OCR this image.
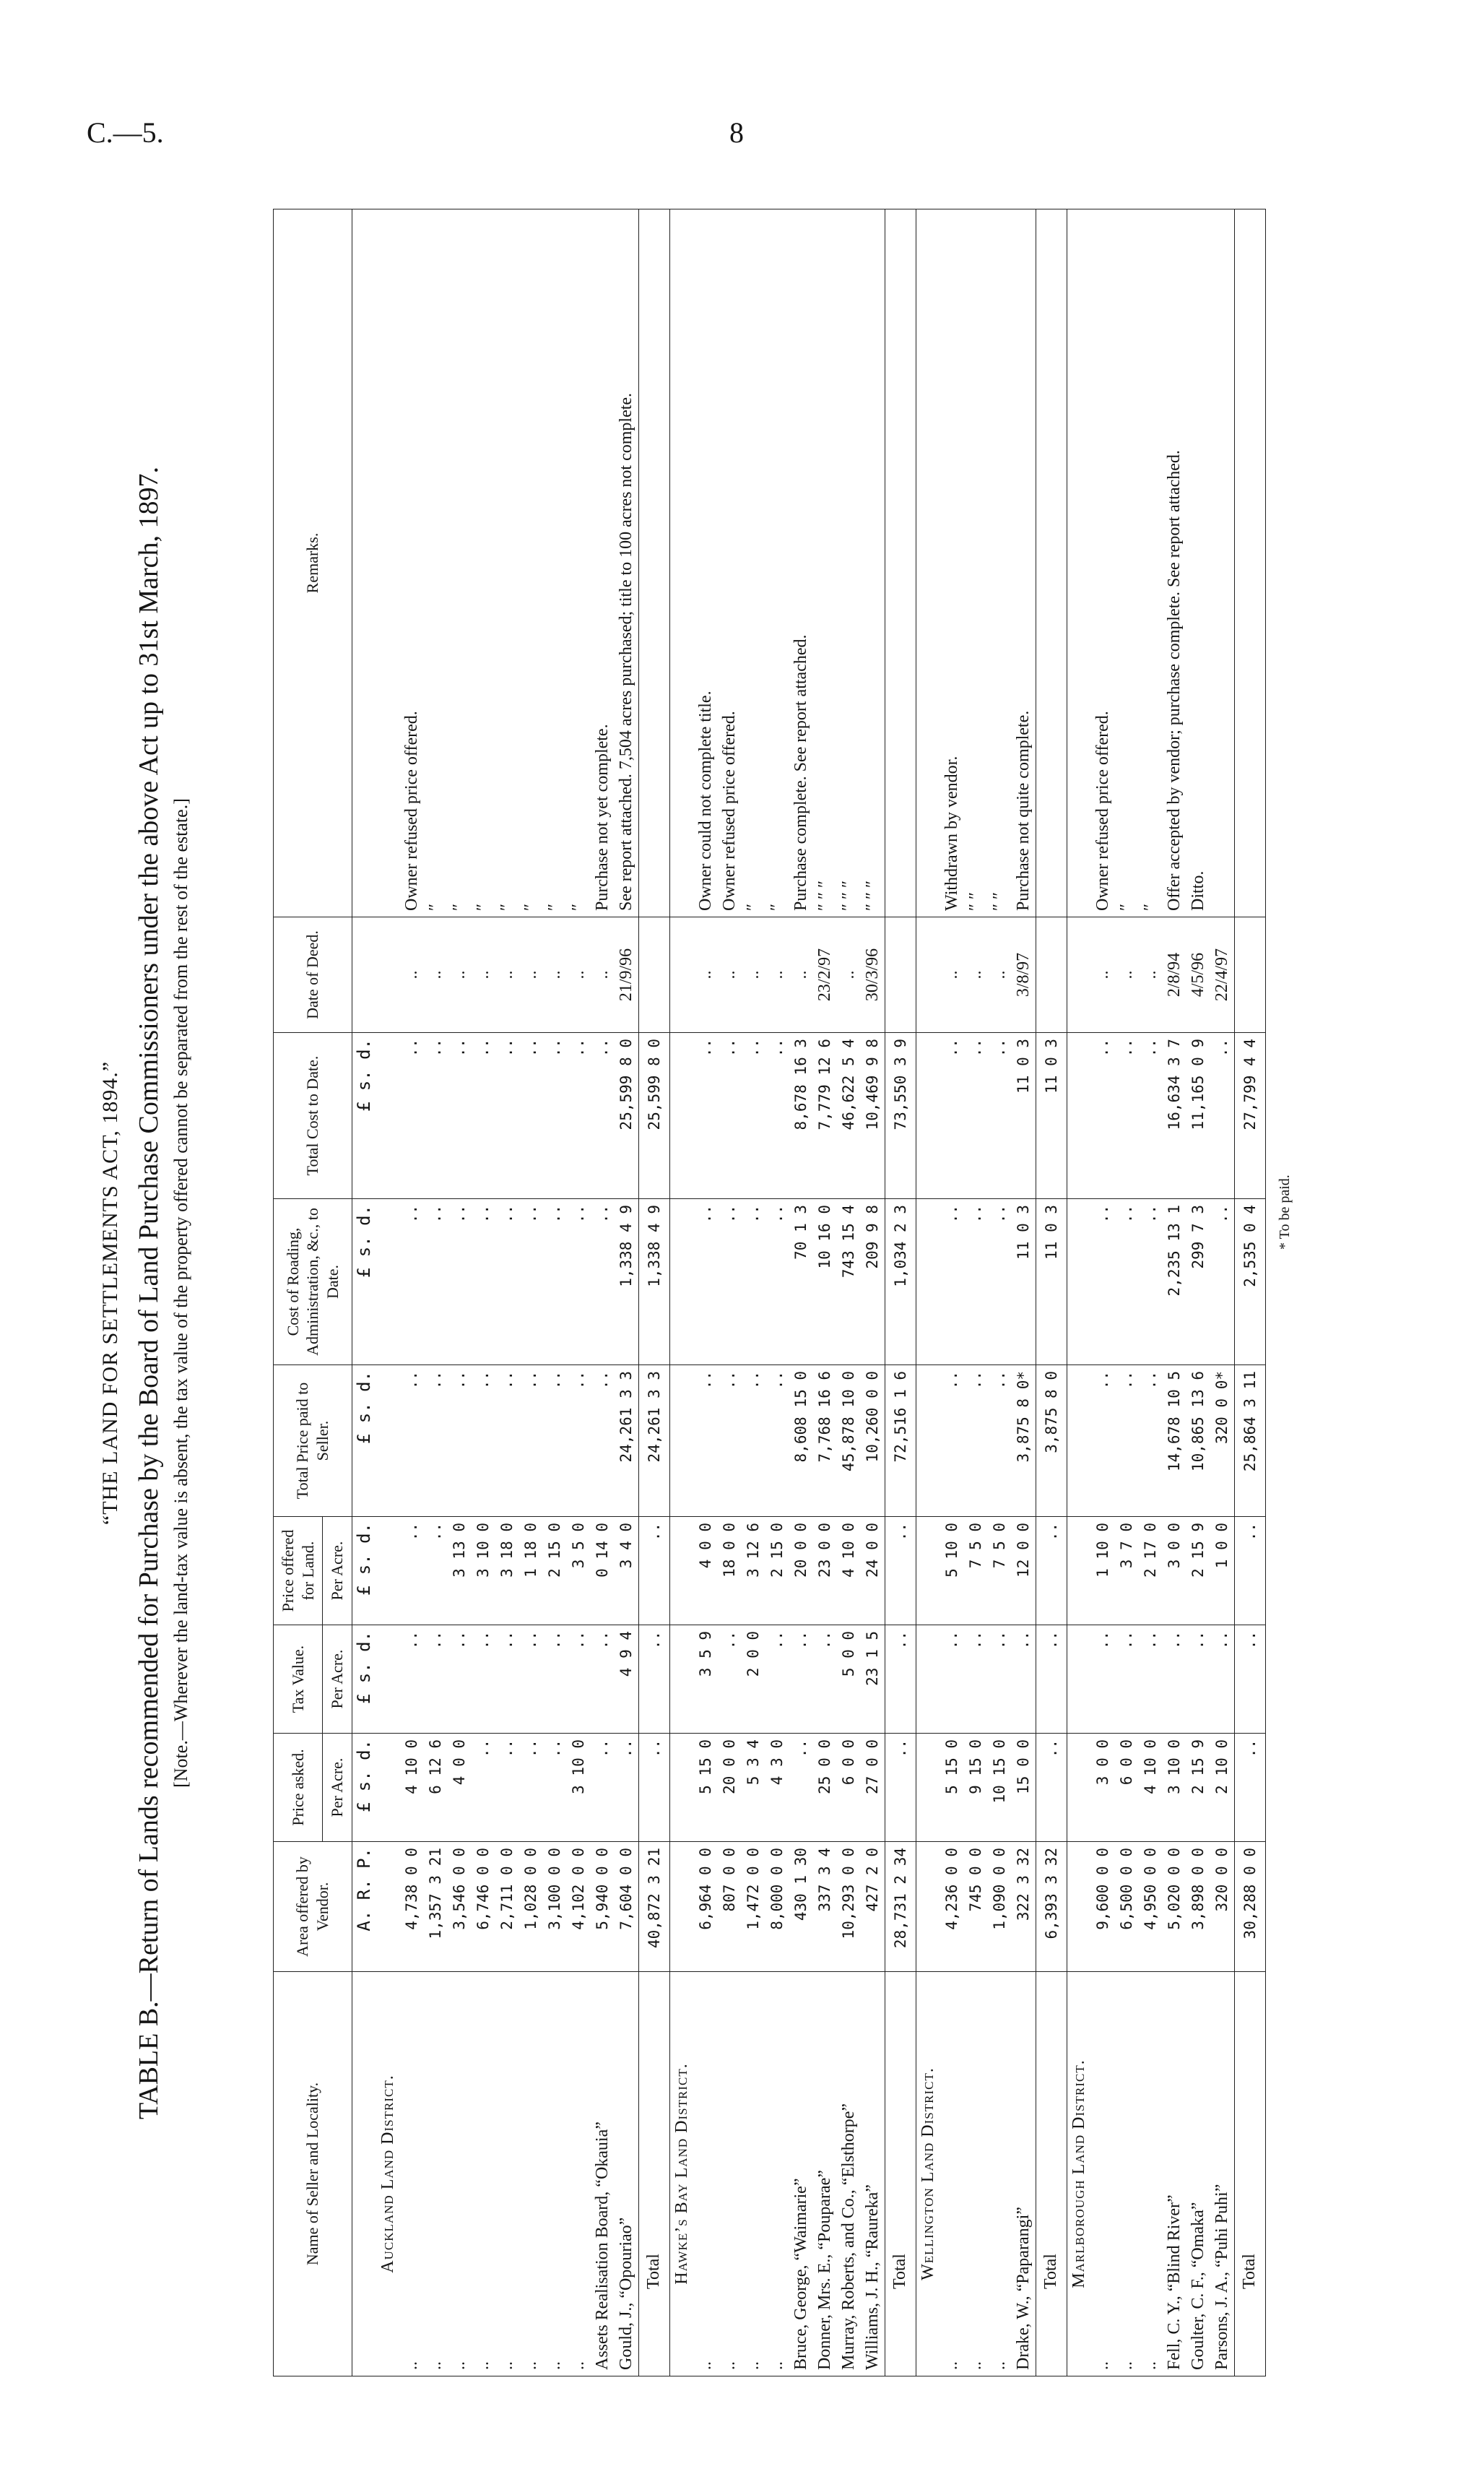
C.—5.	8
“THE LAND FOR SETTLEMENTS ACT, 1894.” TABLE B.—Return of Lands recommended for Purchase by the Board of Land Purchase Commissioners under the above Act up to 31st March, 1897. [Note.—Wherever the land-tax value is absent, the tax value of the property offered cannot be separated from the rest of the estate.]
Name of Seller and Locality.	Area offered by Vendor.	Price asked.	Tax Value.	Price offered for Land.	Total Price paid to Seller.	Cost of Roading, Administration, &c., to Date.	Total Cost to Date.	Date of Deed.	Remarks.
		Per Acre.	Per Acre.	Per Acre.					
	A. R. P.	£ s. d.	£ s. d.	£ s. d.	£ s. d.	£ s. d.	£ s. d.		
Auckland Land District.									
..	4,738 0 0	4 10 0	..	..	..	..	..	..	Owner refused price offered.
..	1,357 3 21	6 12 6	..	..	..	..	..	..	″
..	3,546 0 0	4 0 0	..	3 13 0	..	..	..	..	″
..	6,746 0 0	..	..	3 10 0	..	..	..	..	″
..	2,711 0 0	..	..	3 18 0	..	..	..	..	″
..	1,028 0 0	..	..	1 18 0	..	..	..	..	″
..	3,100 0 0	..	..	2 15 0	..	..	..	..	″
..	4,102 0 0	3 10 0	..	3 5 0	..	..	..	..	″
Assets Realisation Board, “Okauia”	5,940 0 0	..	..	0 14 0	..	..	..	..	Purchase not yet complete.
Gould, J., “Opouriao”	7,604 0 0	..	4 9 4	3 4 0	24,261 3 3	1,338 4 9	25,599 8 0	21/9/96	See report attached. 7,504 acres purchased; title to 100 acres not complete.
Total	40,872 3 21	..	..	..	24,261 3 3	1,338 4 9	25,599 8 0		
Hawke’s Bay Land District.									
..	6,964 0 0	5 15 0	3 5 9	4 0 0	..	..	..	..	Owner could not complete title.
..	807 0 0	20 0 0	..	18 0 0	..	..	..	..	Owner refused price offered.
..	1,472 0 0	5 3 4	2 0 0	3 12 6	..	..	..	..	″
..	8,000 0 0	4 3 0	..	2 15 0	..	..	..	..	″
Bruce, George, “Waimarie”	430 1 30	..	..	20 0 0	8,608 15 0	70 1 3	8,678 16 3	..	Purchase complete. See report attached.
Donner, Mrs. E., “Pouparae”	337 3 4	25 0 0	..	23 0 0	7,768 16 6	10 16 0	7,779 12 6	23/2/97	″ ″ ″
Murray, Roberts, and Co., “Elsthorpe”	10,293 0 0	6 0 0	5 0 0	4 10 0	45,878 10 0	743 15 4	46,622 5 4	..	″ ″ ″
Williams, J. H., “Raureka”	427 2 0	27 0 0	23 1 5	24 0 0	10,260 0 0	209 9 8	10,469 9 8	30/3/96	″ ″ ″
Total	28,731 2 34	..	..	..	72,516 1 6	1,034 2 3	73,550 3 9		
Wellington Land District.									
..	4,236 0 0	5 15 0	..	5 10 0	..	..	..	..	Withdrawn by vendor.
..	745 0 0	9 15 0	..	7 5 0	..	..	..	..	″ ″
..	1,090 0 0	10 15 0	..	7 5 0	..	..	..	..	″ ″
Drake, W., “Paparangi”	322 3 32	15 0 0	..	12 0 0	3,875 8 0*	11 0 3	11 0 3	3/8/97	Purchase not quite complete.
Total	6,393 3 32	..	..	..	3,875 8 0	11 0 3	11 0 3		
Marlborough Land District.									
..	9,600 0 0	3 0 0	..	1 10 0	..	..	..	..	Owner refused price offered.
..	6,500 0 0	6 0 0	..	3 7 0	..	..	..	..	″
..	4,950 0 0	4 10 0	..	2 17 0	..	..	..	..	″
Fell, C. Y., “Blind River”	5,020 0 0	3 10 0	..	3 0 0	14,678 10 5	2,235 13 1	16,634 3 7	2/8/94	Offer accepted by vendor; purchase complete. See report attached.
Goulter, C. F., “Omaka”	3,898 0 0	2 15 9	..	2 15 9	10,865 13 6	299 7 3	11,165 0 9	4/5/96	Ditto.
Parsons, J. A., “Puhi Puhi”	320 0 0	2 10 0	..	1 0 0	320 0 0*	..	..	22/4/97	
Total	30,288 0 0	..	..	..	25,864 3 11	2,535 0 4	27,799 4 4		
* To be paid.
